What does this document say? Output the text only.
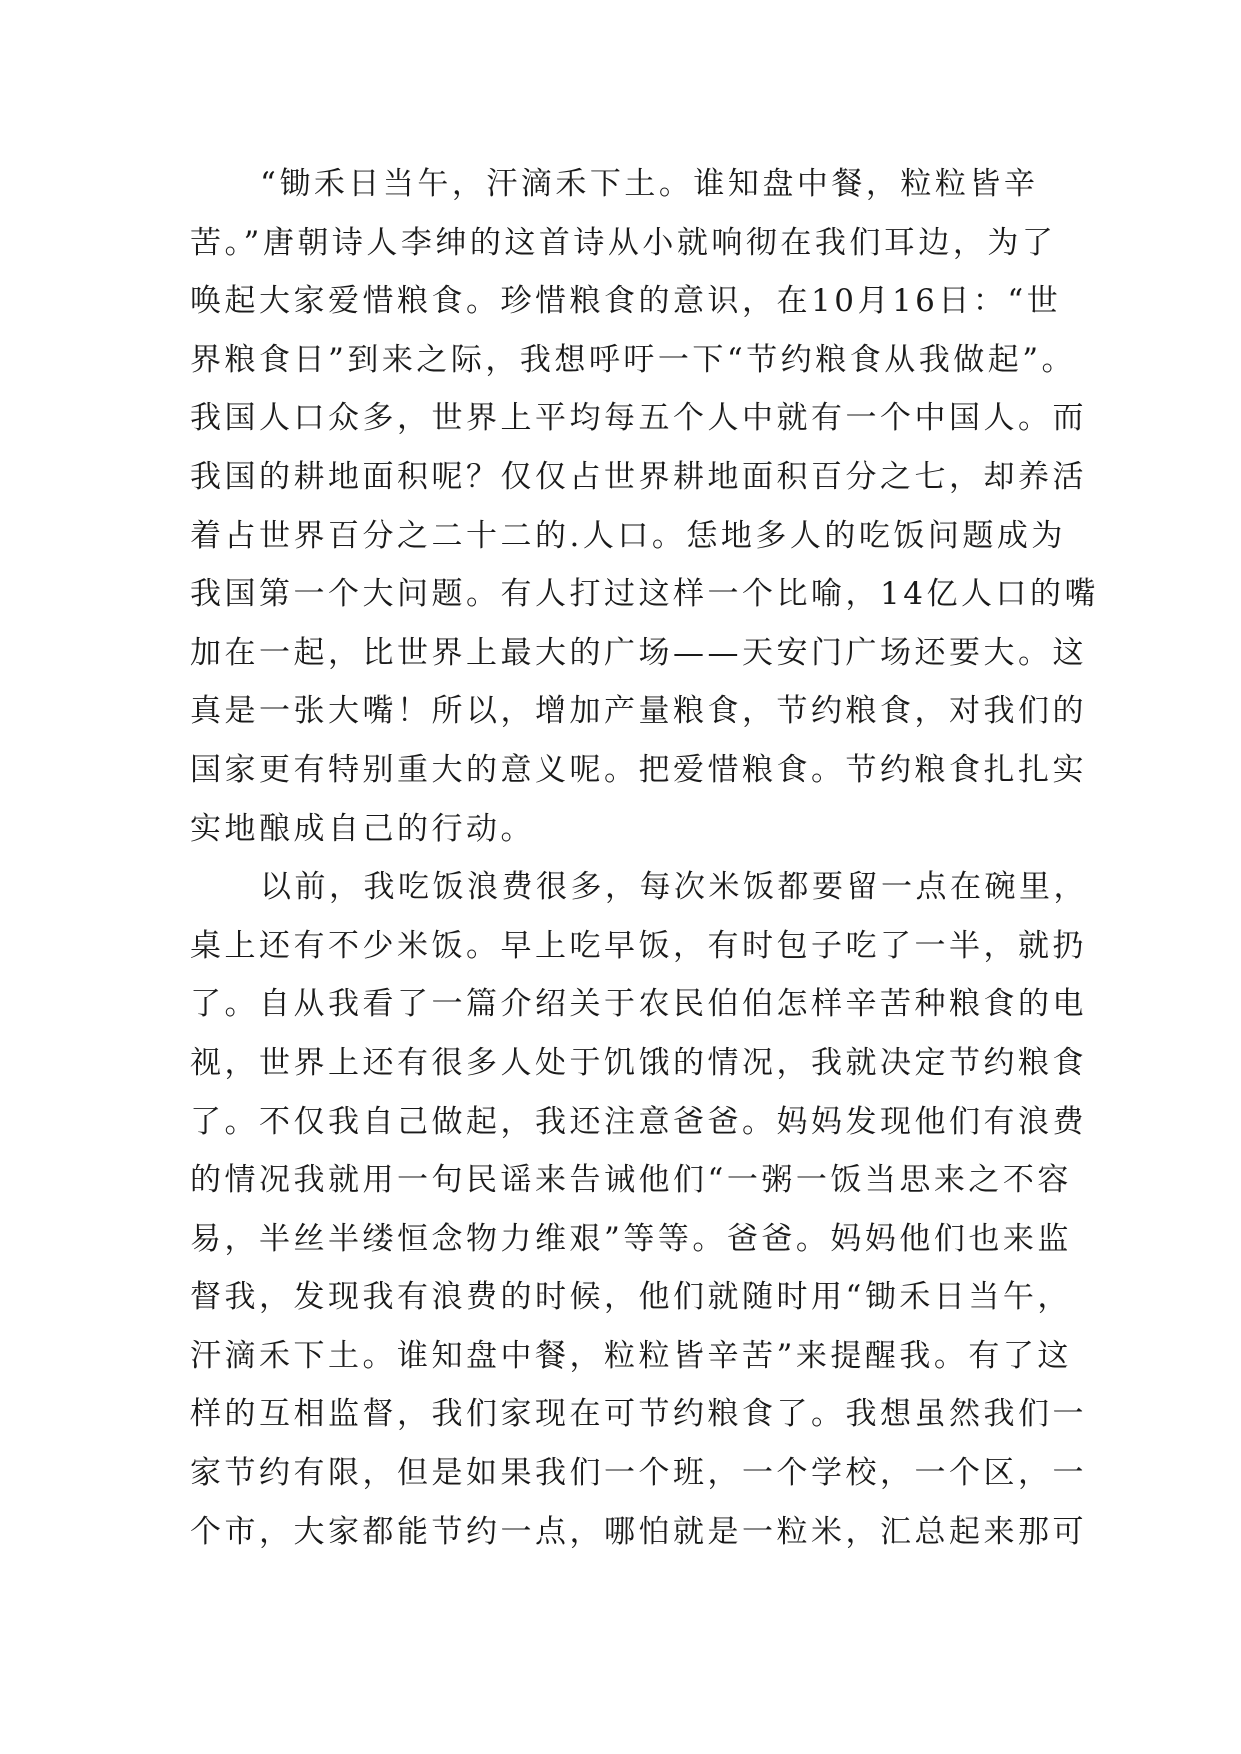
“锄禾日当午，汗滴禾下土。谁知盘中餐，粒粒皆辛
苦。”唐朝诗人李绅的这首诗从小就响彻在我们耳边，为了
唤起大家爱惜粮食。珍惜粮食的意识，在10月16日：“世
界粮食日”到来之际，我想呼吁一下“节约粮食从我做起”。
我国人口众多，世界上平均每五个人中就有一个中国人。而
我国的耕地面积呢？仅仅占世界耕地面积百分之七，却养活
着占世界百分之二十二的.人口。恁地多人的吃饭问题成为
我国第一个大问题。有人打过这样一个比喻，14亿人口的嘴
加在一起，比世界上最大的广场——天安门广场还要大。这
真是一张大嘴！所以，增加产量粮食，节约粮食，对我们的
国家更有特别重大的意义呢。把爱惜粮食。节约粮食扎扎实
实地酿成自己的行动。
以前，我吃饭浪费很多，每次米饭都要留一点在碗里，
桌上还有不少米饭。早上吃早饭，有时包子吃了一半，就扔
了。自从我看了一篇介绍关于农民伯伯怎样辛苦种粮食的电
视，世界上还有很多人处于饥饿的情况，我就决定节约粮食
了。不仅我自己做起，我还注意爸爸。妈妈发现他们有浪费
的情况我就用一句民谣来告诫他们“一粥一饭当思来之不容
易，半丝半缕恒念物力维艰”等等。爸爸。妈妈他们也来监
督我，发现我有浪费的时候，他们就随时用“锄禾日当午，
汗滴禾下土。谁知盘中餐，粒粒皆辛苦”来提醒我。有了这
样的互相监督，我们家现在可节约粮食了。我想虽然我们一
家节约有限，但是如果我们一个班，一个学校，一个区，一
个市，大家都能节约一点，哪怕就是一粒米，汇总起来那可
